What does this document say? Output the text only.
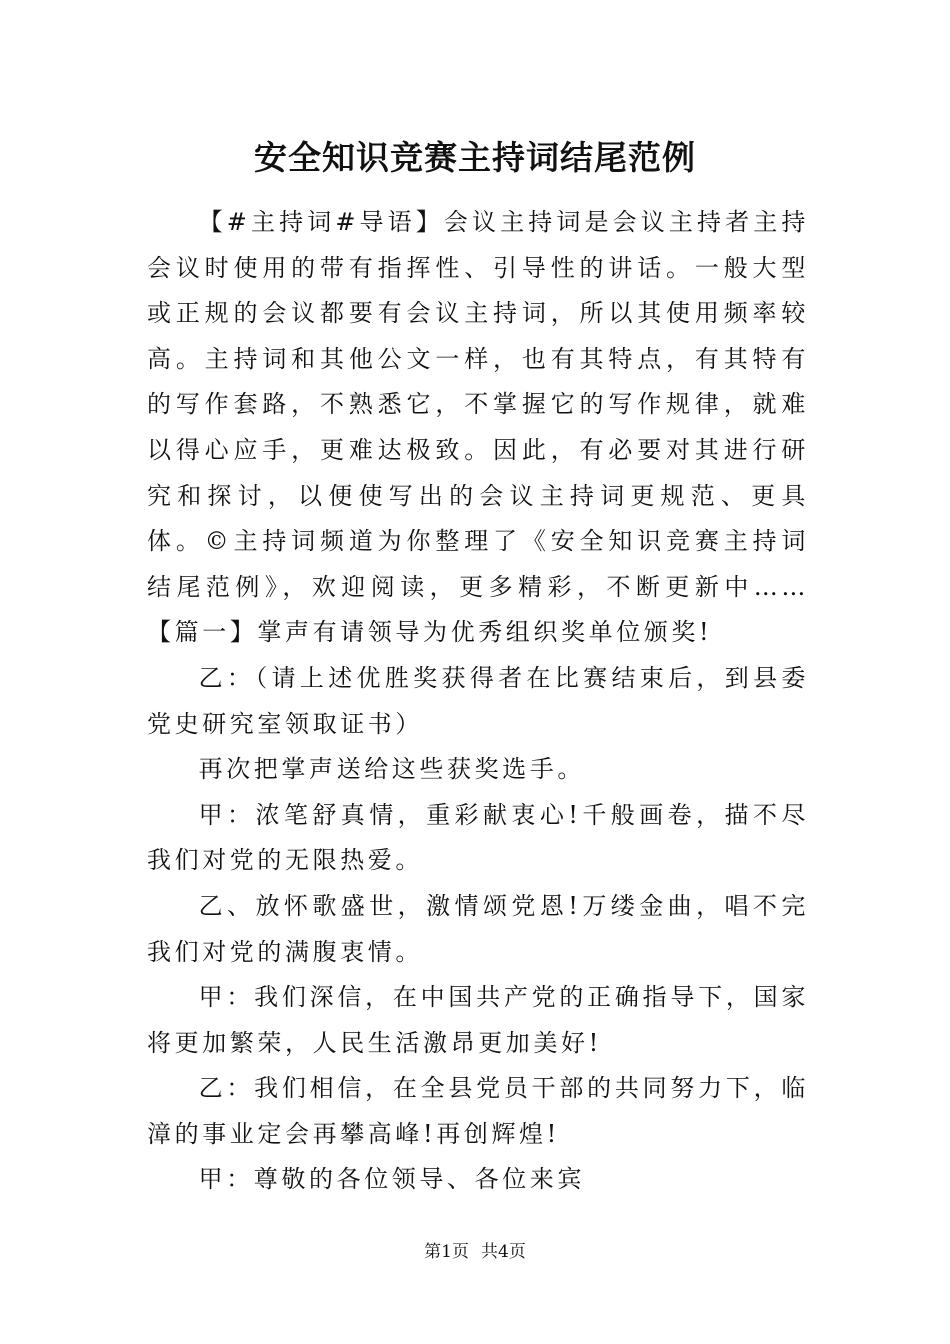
安全知识竞赛主持词结尾范例

【#主持词#导语】会议主持词是会议主持者主持会议时使用的带有指挥性、引导性的讲话。一般大型或正规的会议都要有会议主持词，所以其使用频率较高。主持词和其他公文一样，也有其特点，有其特有的写作套路，不熟悉它，不掌握它的写作规律，就难以得心应手，更难达极致。因此，有必要对其进行研究和探讨，以便使写出的会议主持词更规范、更具体。©主持词频道为你整理了《安全知识竞赛主持词结尾范例》，欢迎阅读，更多精彩，不断更新中……【篇一】掌声有请领导为优秀组织奖单位颁奖!

乙：（请上述优胜奖获得者在比赛结束后，到县委党史研究室领取证书）

再次把掌声送给这些获奖选手。

甲：浓笔舒真情，重彩献衷心!千般画卷，描不尽我们对党的无限热爱。

乙、放怀歌盛世，激情颂党恩!万缕金曲，唱不完我们对党的满腹衷情。

甲：我们深信，在中国共产党的正确指导下，国家将更加繁荣，人民生活激昂更加美好!

乙：我们相信，在全县党员干部的共同努力下，临漳的事业定会再攀高峰!再创辉煌!

甲：尊敬的各位领导、各位来宾

第1页 共4页
